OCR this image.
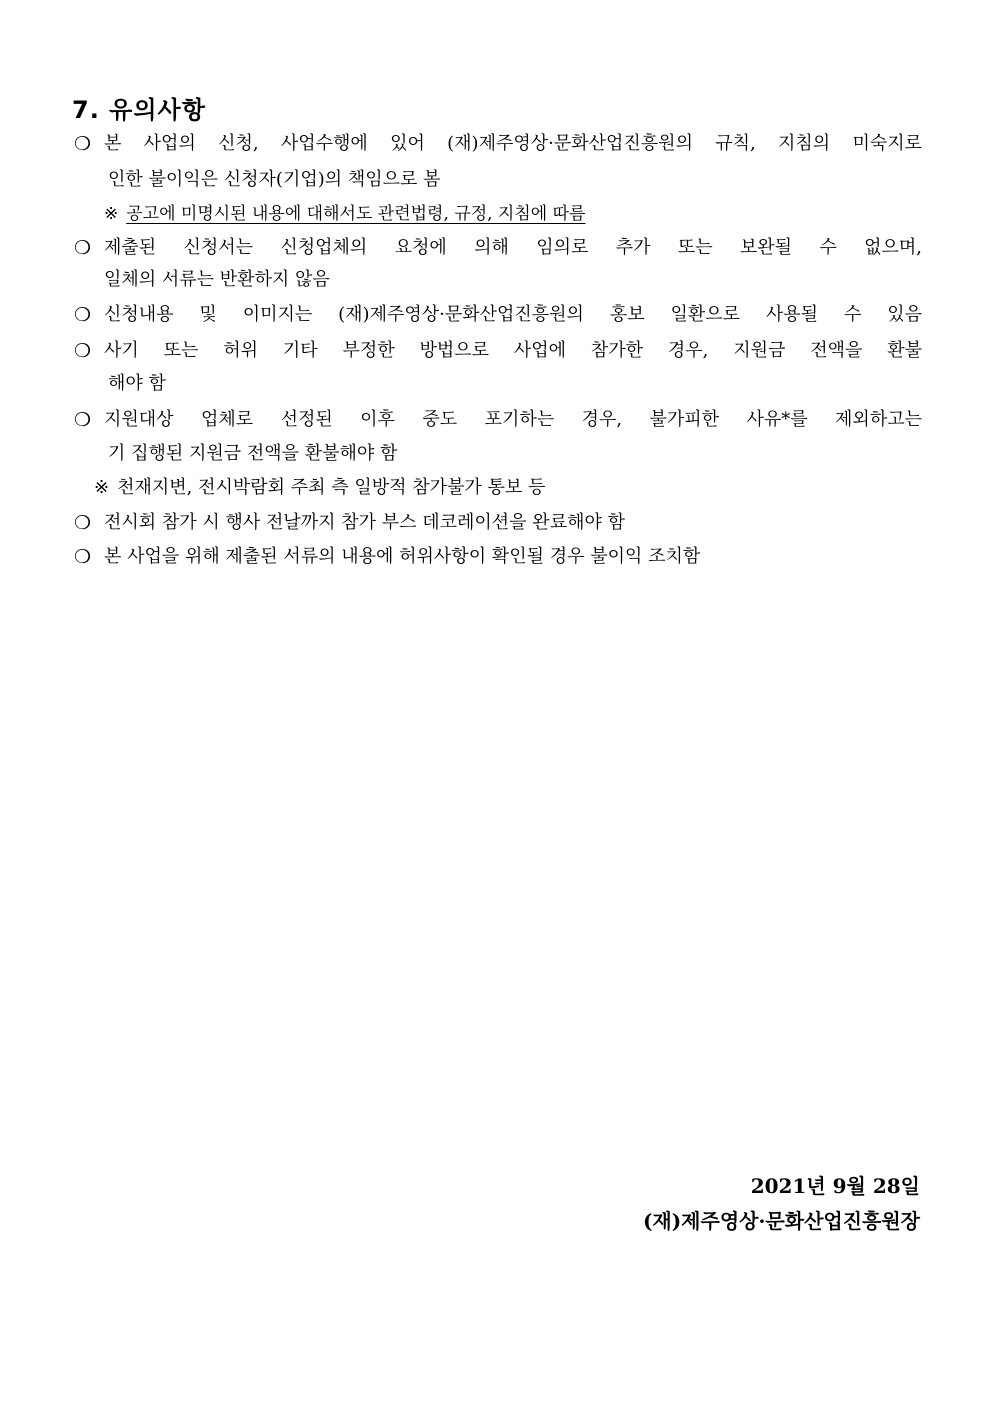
7. 유의사항
❍ 본 사업의 신청, 사업수행에 있어 (재)제주영상·문화산업진흥원의 규칙, 지침의 미숙지로
인한 불이익은 신청자(기업)의 책임으로 봄
※ 공고에 미명시된 내용에 대해서도 관련법령, 규정, 지침에 따름
❍ 제출된 신청서는 신청업체의 요청에 의해 임의로 추가 또는 보완될 수 없으며,
일체의 서류는 반환하지 않음
❍ 신청내용 및 이미지는 (재)제주영상·문화산업진흥원의 홍보 일환으로 사용될 수 있음
❍ 사기 또는 허위 기타 부정한 방법으로 사업에 참가한 경우, 지원금 전액을 환불
해야 함
❍ 지원대상 업체로 선정된 이후 중도 포기하는 경우, 불가피한 사유*를 제외하고는
기 집행된 지원금 전액을 환불해야 함
※ 천재지변, 전시박람회 주최 측 일방적 참가불가 통보 등
❍ 전시회 참가 시 행사 전날까지 참가 부스 데코레이션을 완료해야 함
❍ 본 사업을 위해 제출된 서류의 내용에 허위사항이 확인될 경우 불이익 조치함
2021년 9월 28일
(재)제주영상·문화산업진흥원장
